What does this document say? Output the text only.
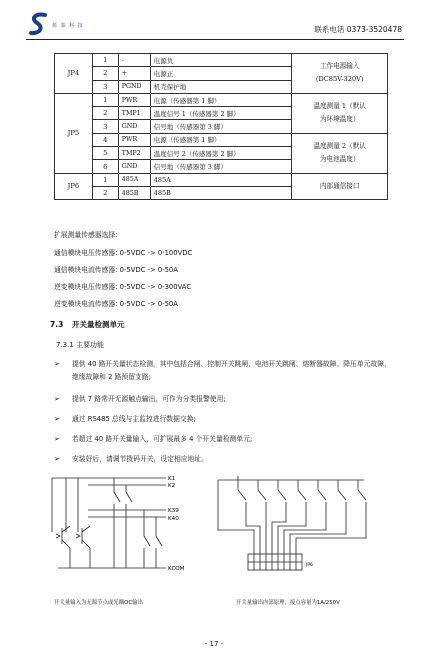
蓝 泰 科 技	联系电话 0373-3520478
JP4	1	-	电源负	工作电源输入
(DC85V-320V)
	2	+	电源正	
	3	PGND	机壳保护地	
JP5	1	PWR	电源（传感器第 1 脚）	温度测量 1（默认
为环境温度）
	2	TMP1	温度信号 1（传感器第 2 脚）	
	3	GND	信号地（传感器第 3 脚）	
	4	PWR	电源（传感器第 1 脚）	温度测量 2（默认
为电池温度）
	5	TMP2	温度信号 2（传感器第 2 脚）	
	6	GND	信号地（传感器第 3 脚）	
JP6	1	485A	485A	内部通信接口
	2	485B	485B	
扩展测量传感器选择:
通信模块电压传感器: 0-5VDC -> 0-100VDC
通信模块电流传感器: 0-5VDC -> 0-50A
逆变模块电压传感器: 0-5VDC -> 0-300VAC
逆变模块电流传感器: 0-5VDC -> 0-50A
7.3 开关量检测单元
7.3.1 主要功能
➢	提供 40 路开关量状态检测，其中包括合闸、控制开关跳闸、电池开关跳闸、熔断器故障、降压单元故障、绝缘故障和 2 路预留支路;
➢	提供 7 路常开无源触点输出，可作为分类报警使用;
➢	通过 RS485 总线与主监控进行数据交换;
➢	若超过 40 路开关量输入，可扩展最多 4 个开关量检测单元;
➢	安装好后，请调节拨码开关，设定相应地址。
K1
K2
K39
K40
KCOM
开关量输入为无源节点或光耦OC输出
JP6
开关量输出内部原理，接点容量为1A/250V
- 17 -
